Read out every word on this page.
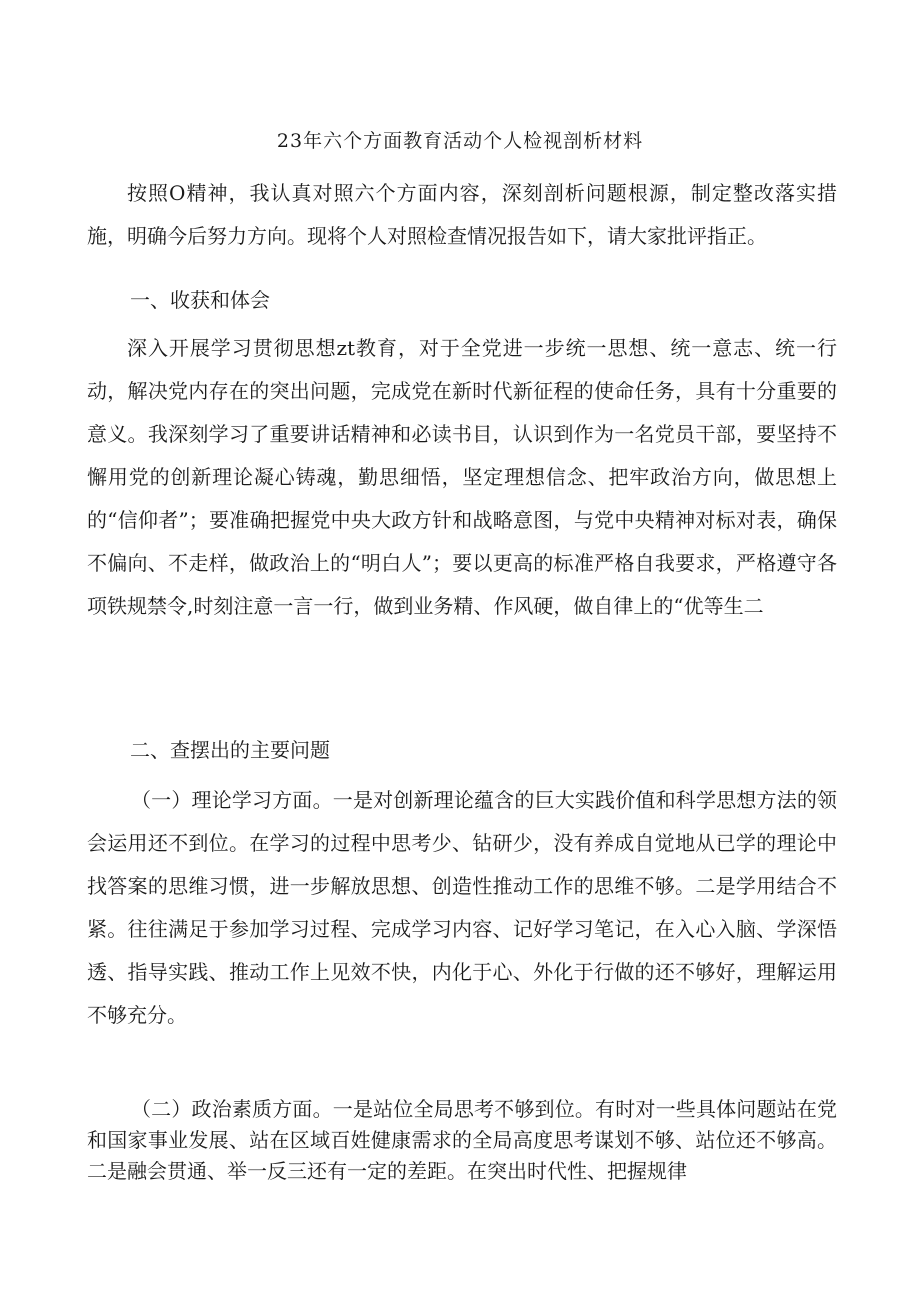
23年六个方面教育活动个人检视剖析材料

按照O精神，我认真对照六个方面内容，深刻剖析问题根源，制定整改落实措施，明确今后努力方向。现将个人对照检查情况报告如下，请大家批评指正。

一、收获和体会

深入开展学习贯彻思想zt教育，对于全党进一步统一思想、统一意志、统一行动，解决党内存在的突出问题，完成党在新时代新征程的使命任务，具有十分重要的意义。我深刻学习了重要讲话精神和必读书目，认识到作为一名党员干部，要坚持不懈用党的创新理论凝心铸魂，勤思细悟，坚定理想信念、把牢政治方向，做思想上的“信仰者”；要准确把握党中央大政方针和战略意图，与党中央精神对标对表，确保不偏向、不走样，做政治上的“明白人”；要以更高的标准严格自我要求，严格遵守各项铁规禁令,时刻注意一言一行，做到业务精、作风硬，做自律上的“优等生二

二、查摆出的主要问题

（一）理论学习方面。一是对创新理论蕴含的巨大实践价值和科学思想方法的领会运用还不到位。在学习的过程中思考少、钻研少，没有养成自觉地从已学的理论中找答案的思维习惯，进一步解放思想、创造性推动工作的思维不够。二是学用结合不紧。往往满足于参加学习过程、完成学习内容、记好学习笔记，在入心入脑、学深悟透、指导实践、推动工作上见效不快，内化于心、外化于行做的还不够好，理解运用不够充分。

（二）政治素质方面。一是站位全局思考不够到位。有时对一些具体问题站在党和国家事业发展、站在区域百姓健康需求的全局高度思考谋划不够、站位还不够高。二是融会贯通、举一反三还有一定的差距。在突出时代性、把握规律
